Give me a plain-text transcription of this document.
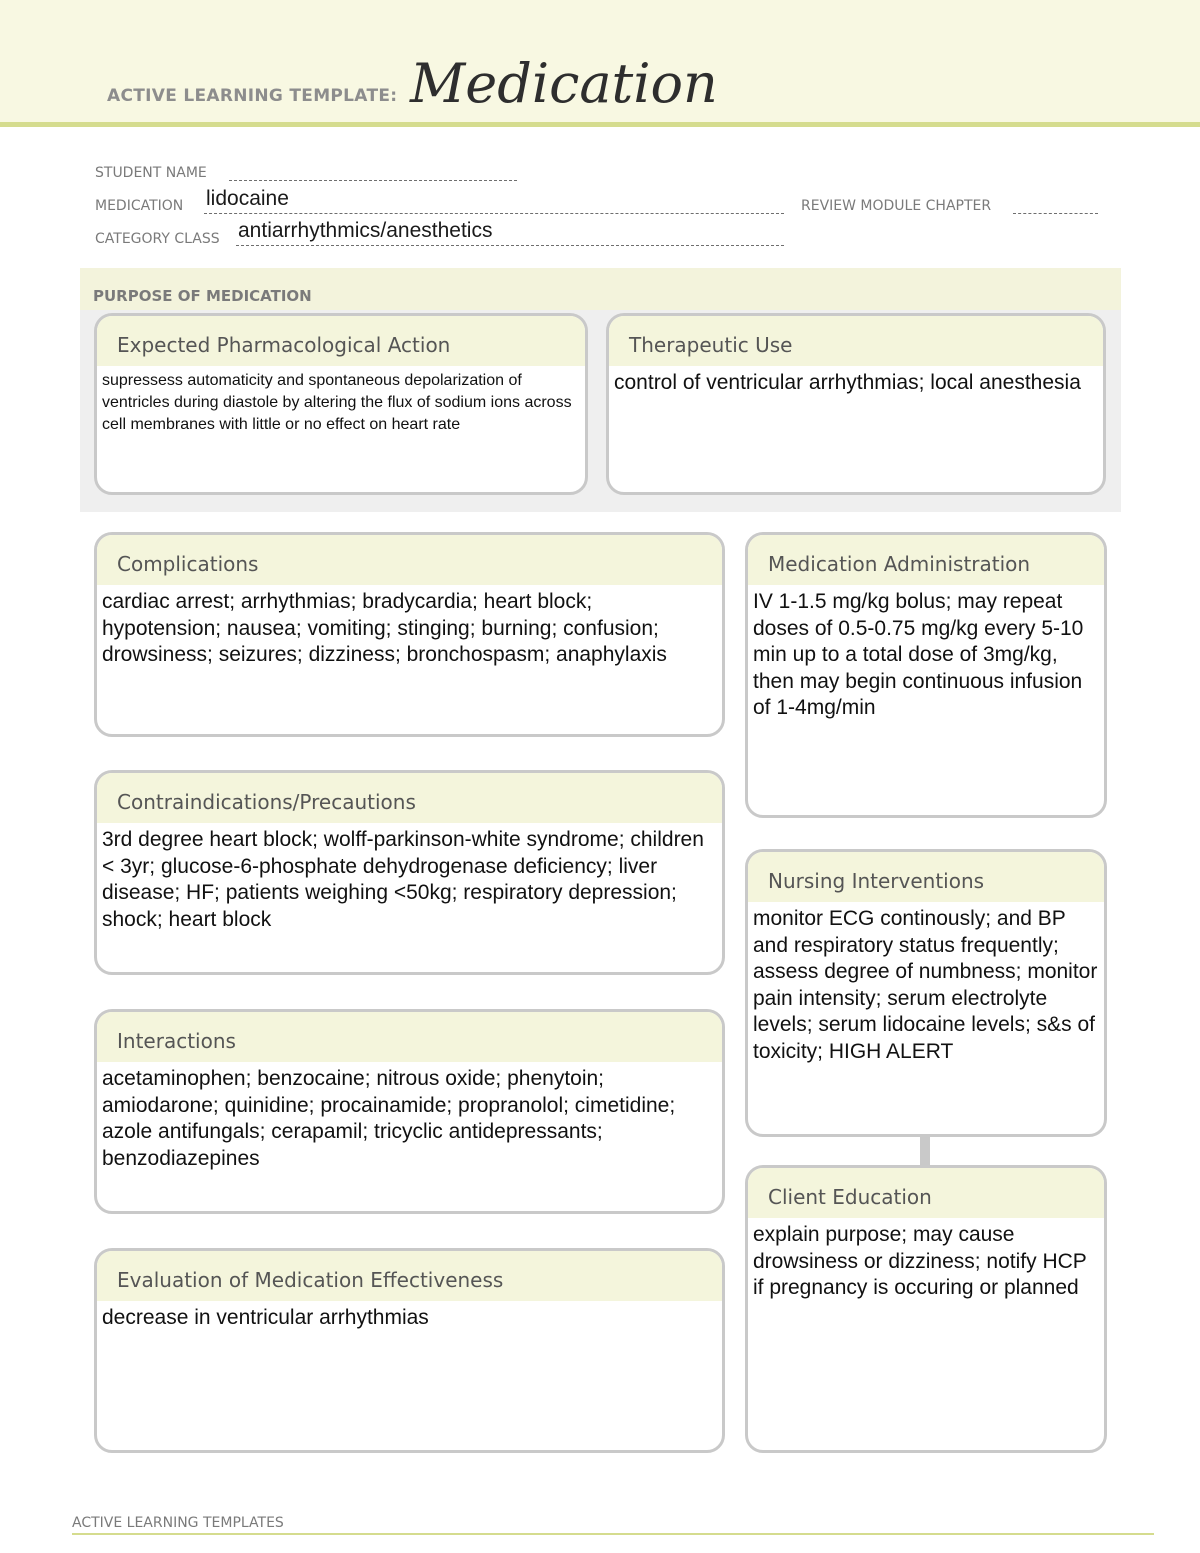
ACTIVE LEARNING TEMPLATE: Medication
STUDENT NAME
MEDICATION lidocaine	REVIEW MODULE CHAPTER
CATEGORY CLASS antiarrhythmics/anesthetics
PURPOSE OF MEDICATION
Expected Pharmacological Action
supressess automaticity and spontaneous depolarization of ventricles during diastole by altering the flux of sodium ions across cell membranes with little or no effect on heart rate
Therapeutic Use
control of ventricular arrhythmias; local anesthesia
Complications
cardiac arrest; arrhythmias; bradycardia; heart block; hypotension; nausea; vomiting; stinging; burning; confusion; drowsiness; seizures; dizziness; bronchospasm; anaphylaxis
Contraindications/Precautions
3rd degree heart block; wolff-parkinson-white syndrome; children < 3yr; glucose-6-phosphate dehydrogenase deficiency; liver disease; HF; patients weighing <50kg; respiratory depression; shock; heart block
Interactions
acetaminophen; benzocaine; nitrous oxide; phenytoin; amiodarone; quinidine; procainamide; propranolol; cimetidine; azole antifungals; cerapamil; tricyclic antidepressants; benzodiazepines
Evaluation of Medication Effectiveness
decrease in ventricular arrhythmias
Medication Administration
IV 1-1.5 mg/kg bolus; may repeat doses of 0.5-0.75 mg/kg every 5-10 min up to a total dose of 3mg/kg, then may begin continuous infusion of 1-4mg/min
Nursing Interventions
monitor ECG continously; and BP and respiratory status frequently; assess degree of numbness; monitor pain intensity; serum electrolyte levels; serum lidocaine levels; s&s of toxicity; HIGH ALERT
Client Education
explain purpose; may cause drowsiness or dizziness; notify HCP if pregnancy is occuring or planned
ACTIVE LEARNING TEMPLATES
